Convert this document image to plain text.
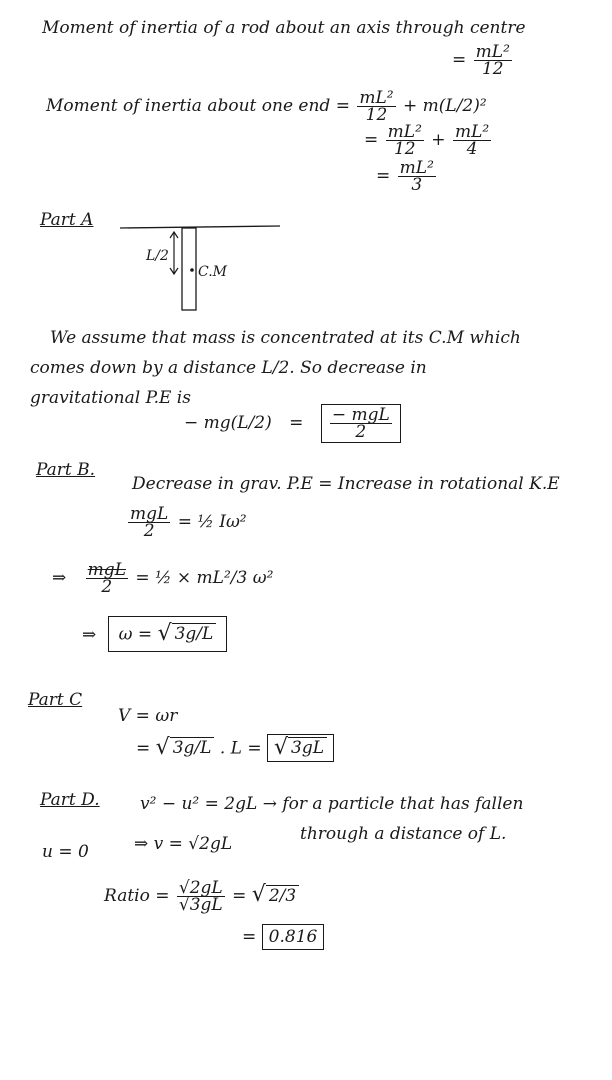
Moment of inertia of a rod about an axis through centre
= $\frac{\text{mL²}}{12}$
Moment of inertia about one end = $\frac{\text{mL²}}{12} + m(L/2)^2$
= $\frac{\text{mL²}}{12} + \frac{\text{mL²}}{4}$
= $\frac{\text{mL²}}{3}$
Part A
L/2
C.M
We assume that mass is concentrated at its C.M which
comes down by a distance L/2. So decrease in
gravitational P.E is
− $mg(L/2) = \frac{\text{− mgL}}{2}$
Part B.
Decrease in grav. P.E = Increase in rotational K.E
$\frac{\text{mgL}}{2}$ = ½ Iω²
⇒ $\frac{\text{mgL}}{2}$ = ½ × mL²/3 ω²
⇒ ω = √ 3g/L
Part C
V = ωr
= √ 3g/L . L = √ 3gL
Part D.
u = 0
v² − u² = 2gL → for a particle that has fallen
through a distance of L.
⇒ v = √2gL
Ratio = $\frac{√2gL}{√3gL}$ = √ 2/3
= 0.816
